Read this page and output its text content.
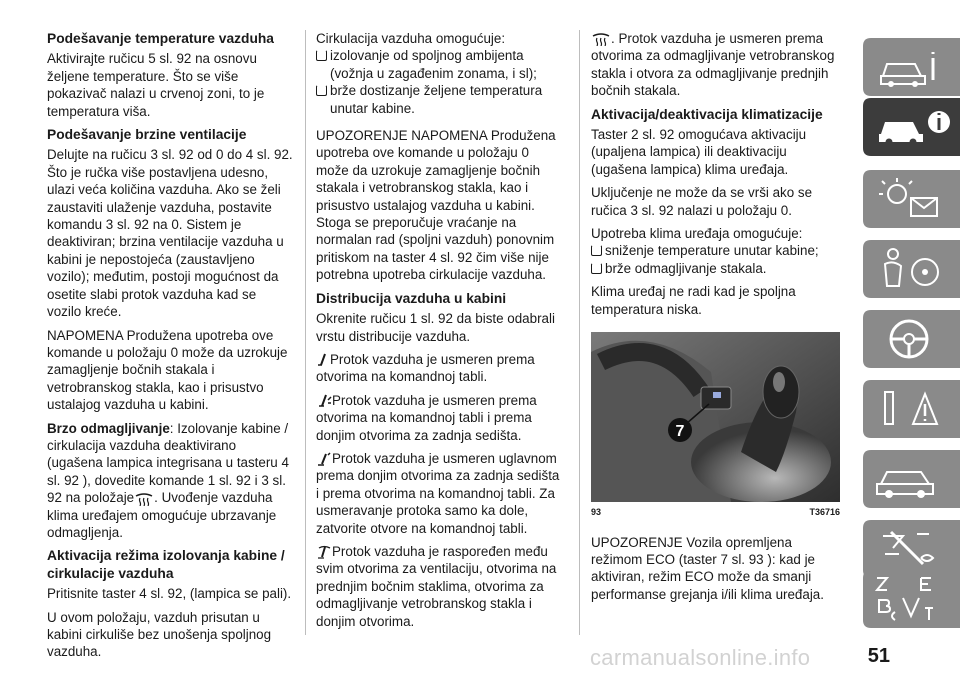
Podešavanje temperature vazduha

Aktivirajte ručicu 5 sl. 92 na osnovu željene temperature. Što se više pokazivač nalazi u crvenoj zoni, to je temperatura viša.

Podešavanje brzine ventilacije

Delujte na ručicu 3 sl. 92 od 0 do 4 sl. 92. Što je ručka više postavljena udesno, ulazi veća količina vazduha. Ako se želi zaustaviti ulaženje vazduha, postavite komandu 3 sl. 92 na 0. Sistem je deaktiviran; brzina ventilacije vazduha u kabini je nepostojeća (zaustavljeno vozilo); međutim, postoji mogućnost da osetite slabi protok vazduha kad se vozilo kreće.

NAPOMENA Produžena upotreba ove komande u položaju 0 može da uzrokuje zamagljenje bočnih stakala i vetrobranskog stakla, kao i prisustvo ustalajog vazduha u kabini.

Brzo odmagljivanje: Izolovanje kabine / cirkulacija vazduha deaktivirano (ugašena lampica integrisana u tasteru 4 sl. 92 ), dovedite komande 1 sl. 92 i 3 sl. 92 na položaje . Uvođenje vazduha klima uređajem omogućuje ubrzavanje odmagljenja.

Aktivacija režima izolovanja kabine / cirkulacije vazduha

Pritisnite taster 4 sl. 92, (lampica se pali).

U ovom položaju, vazduh prisutan u kabini cirkuliše bez unošenja spoljnog vazduha.

Cirkulacija vazduha omogućuje:

izolovanje od spoljnog ambijenta (vožnja u zagađenim zonama, i sl);
brže dostizanje željene temperatura unutar kabine.

UPOZORENJE NAPOMENA Produžena upotreba ove komande u položaju 0 može da uzrokuje zamagljenje bočnih stakala i vetrobranskog stakla, kao i prisustvo ustalajog vazduha u kabini. Stoga se preporučuje vraćanje na normalan rad (spoljni vazduh) ponovnim pritiskom na taster 4 sl. 92 čim više nije potrebna upotreba cirkulacije vazduha.

Distribucija vazduha u kabini

Okrenite ručicu 1 sl. 92 da biste odabrali vrstu distribucije vazduha.

Protok vazduha je usmeren prema otvorima na komandnoj tabli.

Protok vazduha je usmeren prema otvorima na komandnoj tabli i prema donjim otvorima za zadnja sedišta.

Protok vazduha je usmeren uglavnom prema donjim otvorima za zadnja sedišta i prema otvorima na komandnoj tabli. Za usmeravanje protoka samo ka dole, zatvorite otvore na komandnoj tabli.

Protok vazduha je raspoređen među svim otvorima za ventilaciju, otvorima na prednjim bočnim staklima, otvorima za odmagljivanje vetrobranskog stakla i donjim otvorima.

. Protok vazduha je usmeren prema otvorima za odmagljivanje vetrobranskog stakla i otvora za odmagljivanje prednjih bočnih stakala.

Aktivacija/deaktivacija klimatizacije

Taster 2 sl. 92 omogućava aktivaciju (upaljena lampica) ili deaktivaciju (ugašena lampica) klima uređaja.

Uključenje ne može da se vrši ako se ručica 3 sl. 92 nalazi u položaju 0.

Upotreba klima uređaja omogućuje:

sniženje temperature unutar kabine;
brže odmagljivanje stakala.

Klima uređaj ne radi kad je spoljna temperatura niska.

7
93	T36716

UPOZORENJE Vozila opremljena režimom ECO (taster 7 sl. 93 ): kad je aktiviran, režim ECO može da smanji performanse grejanja i/ili klima uređaja.

51
carmanualsonline.info
